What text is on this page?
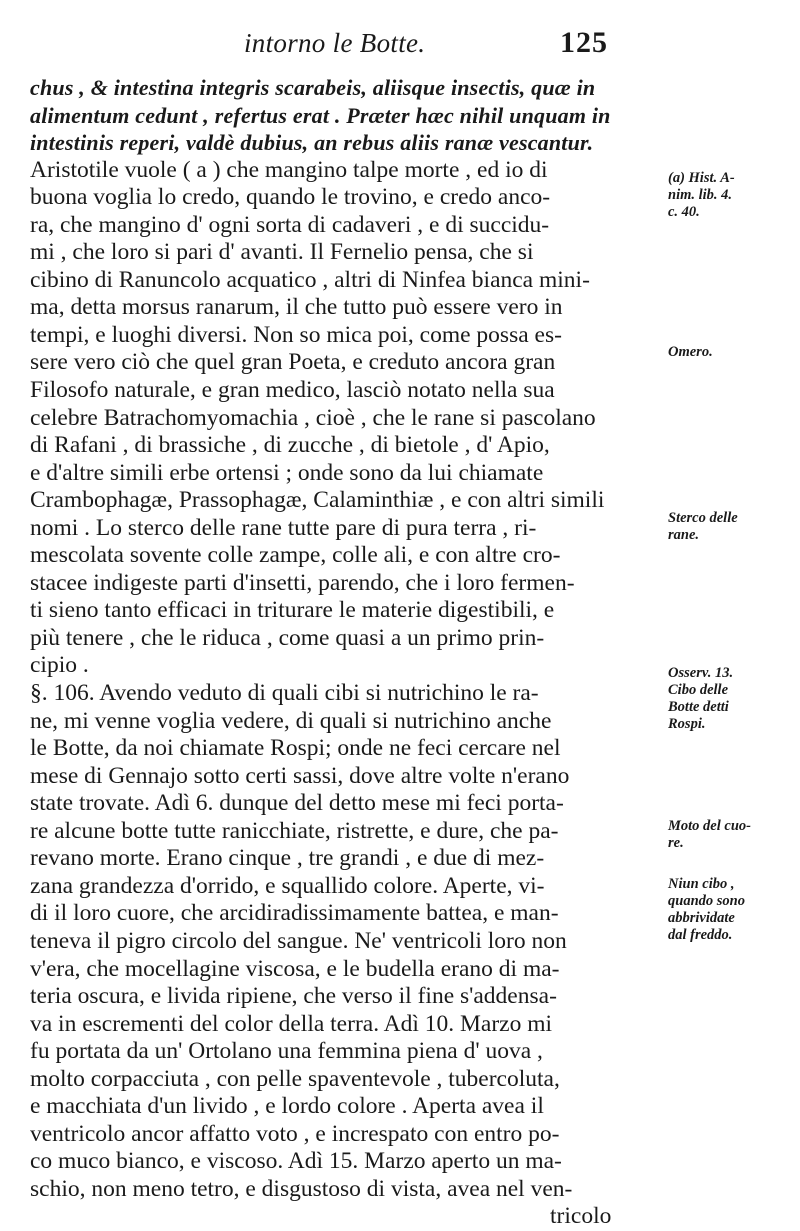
intorno le Botte.	125
chus , & intestina integris scarabeis, aliisque insectis, quæ in
alimentum cedunt , refertus erat . Præter hæc nihil unquam in
intestinis reperi, valdè dubius, an rebus aliis ranæ vescantur.
Aristotile vuole ( a ) che mangino talpe morte , ed io di
buona voglia lo credo, quando le trovino, e credo anco-
ra, che mangino d' ogni sorta di cadaveri , e di succidu-
mi , che loro si pari d' avanti. Il Fernelio pensa, che si
cibino di Ranuncolo acquatico , altri di Ninfea bianca mini-
ma, detta morsus ranarum, il che tutto può essere vero in
tempi, e luoghi diversi. Non so mica poi, come possa es-
sere vero ciò che quel gran Poeta, e creduto ancora gran
Filosofo naturale, e gran medico, lasciò notato nella sua
celebre Batrachomyomachia , cioè , che le rane si pascolano
di Rafani , di brassiche , di zucche , di bietole , d' Apio,
e d'altre simili erbe ortensi ; onde sono da lui chiamate
Crambophagæ, Prassophagæ, Calaminthiæ , e con altri simili
nomi . Lo sterco delle rane tutte pare di pura terra , ri-
mescolata sovente colle zampe, colle ali, e con altre cro-
stacee indigeste parti d'insetti, parendo, che i loro fermen-
ti sieno tanto efficaci in triturare le materie digestibili, e
più tenere , che le riduca , come quasi a un primo prin-
cipio .
§. 106. Avendo veduto di quali cibi si nutrichino le ra-
ne, mi venne voglia vedere, di quali si nutrichino anche
le Botte, da noi chiamate Rospi; onde ne feci cercare nel
mese di Gennajo sotto certi sassi, dove altre volte n'erano
state trovate. Adì 6. dunque del detto mese mi feci porta-
re alcune botte tutte ranicchiate, ristrette, e dure, che pa-
revano morte. Erano cinque , tre grandi , e due di mez-
zana grandezza d'orrido, e squallido colore. Aperte, vi-
di il loro cuore, che arcidiradissimamente battea, e man-
teneva il pigro circolo del sangue. Ne' ventricoli loro non
v'era, che mocellagine viscosa, e le budella erano di ma-
teria oscura, e livida ripiene, che verso il fine s'addensa-
va in escrementi del color della terra. Adì 10. Marzo mi
fu portata da un' Ortolano una femmina piena d' uova ,
molto corpacciuta , con pelle spaventevole , tubercoluta,
e macchiata d'un livido , e lordo colore . Aperta avea il
ventricolo ancor affatto voto , e increspato con entro po-
co muco bianco, e viscoso. Adì 15. Marzo aperto un ma-
schio, non meno tetro, e disgustoso di vista, avea nel ven-
tricolo
(a) Hist. A-
nim. lib. 4.
c. 40.
Omero.
Sterco delle
rane.
Osserv. 13.
Cibo delle
Botte detti
Rospi.
Moto del cuo-
re.
Niun cibo ,
quando sono
abbrividate
dal freddo.
